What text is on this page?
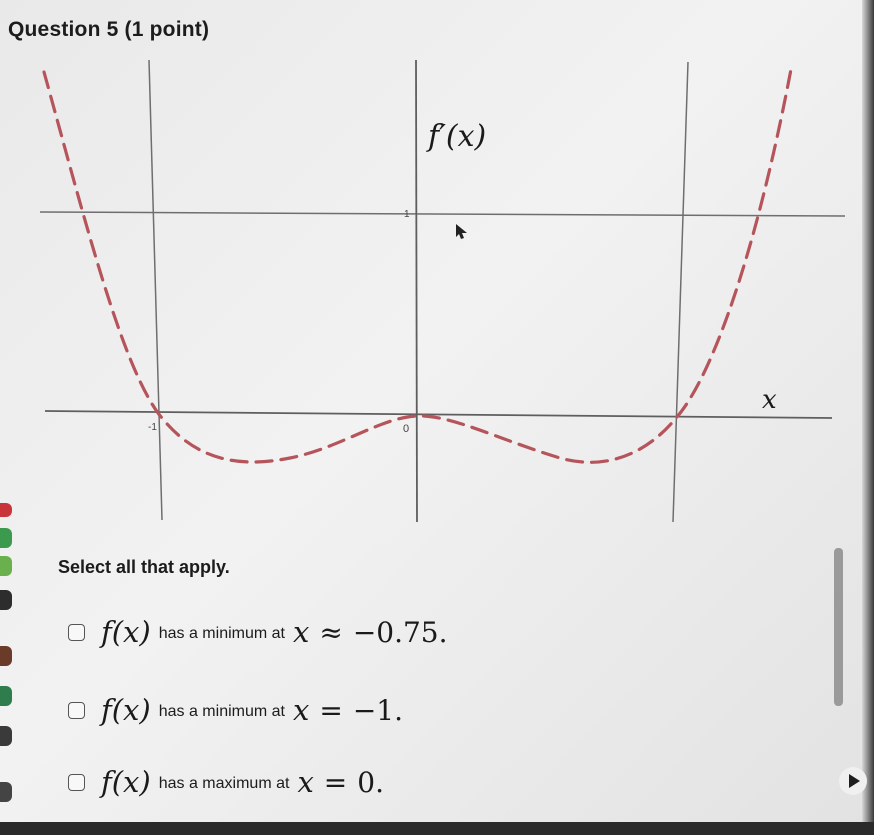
Question 5 (1 point)
1
-1	0
f′(x)
x
Select all that apply.
f(x) has a minimum at x ≈ −0.75.
f(x) has a minimum at x = −1.
f(x) has a maximum at x = 0.
